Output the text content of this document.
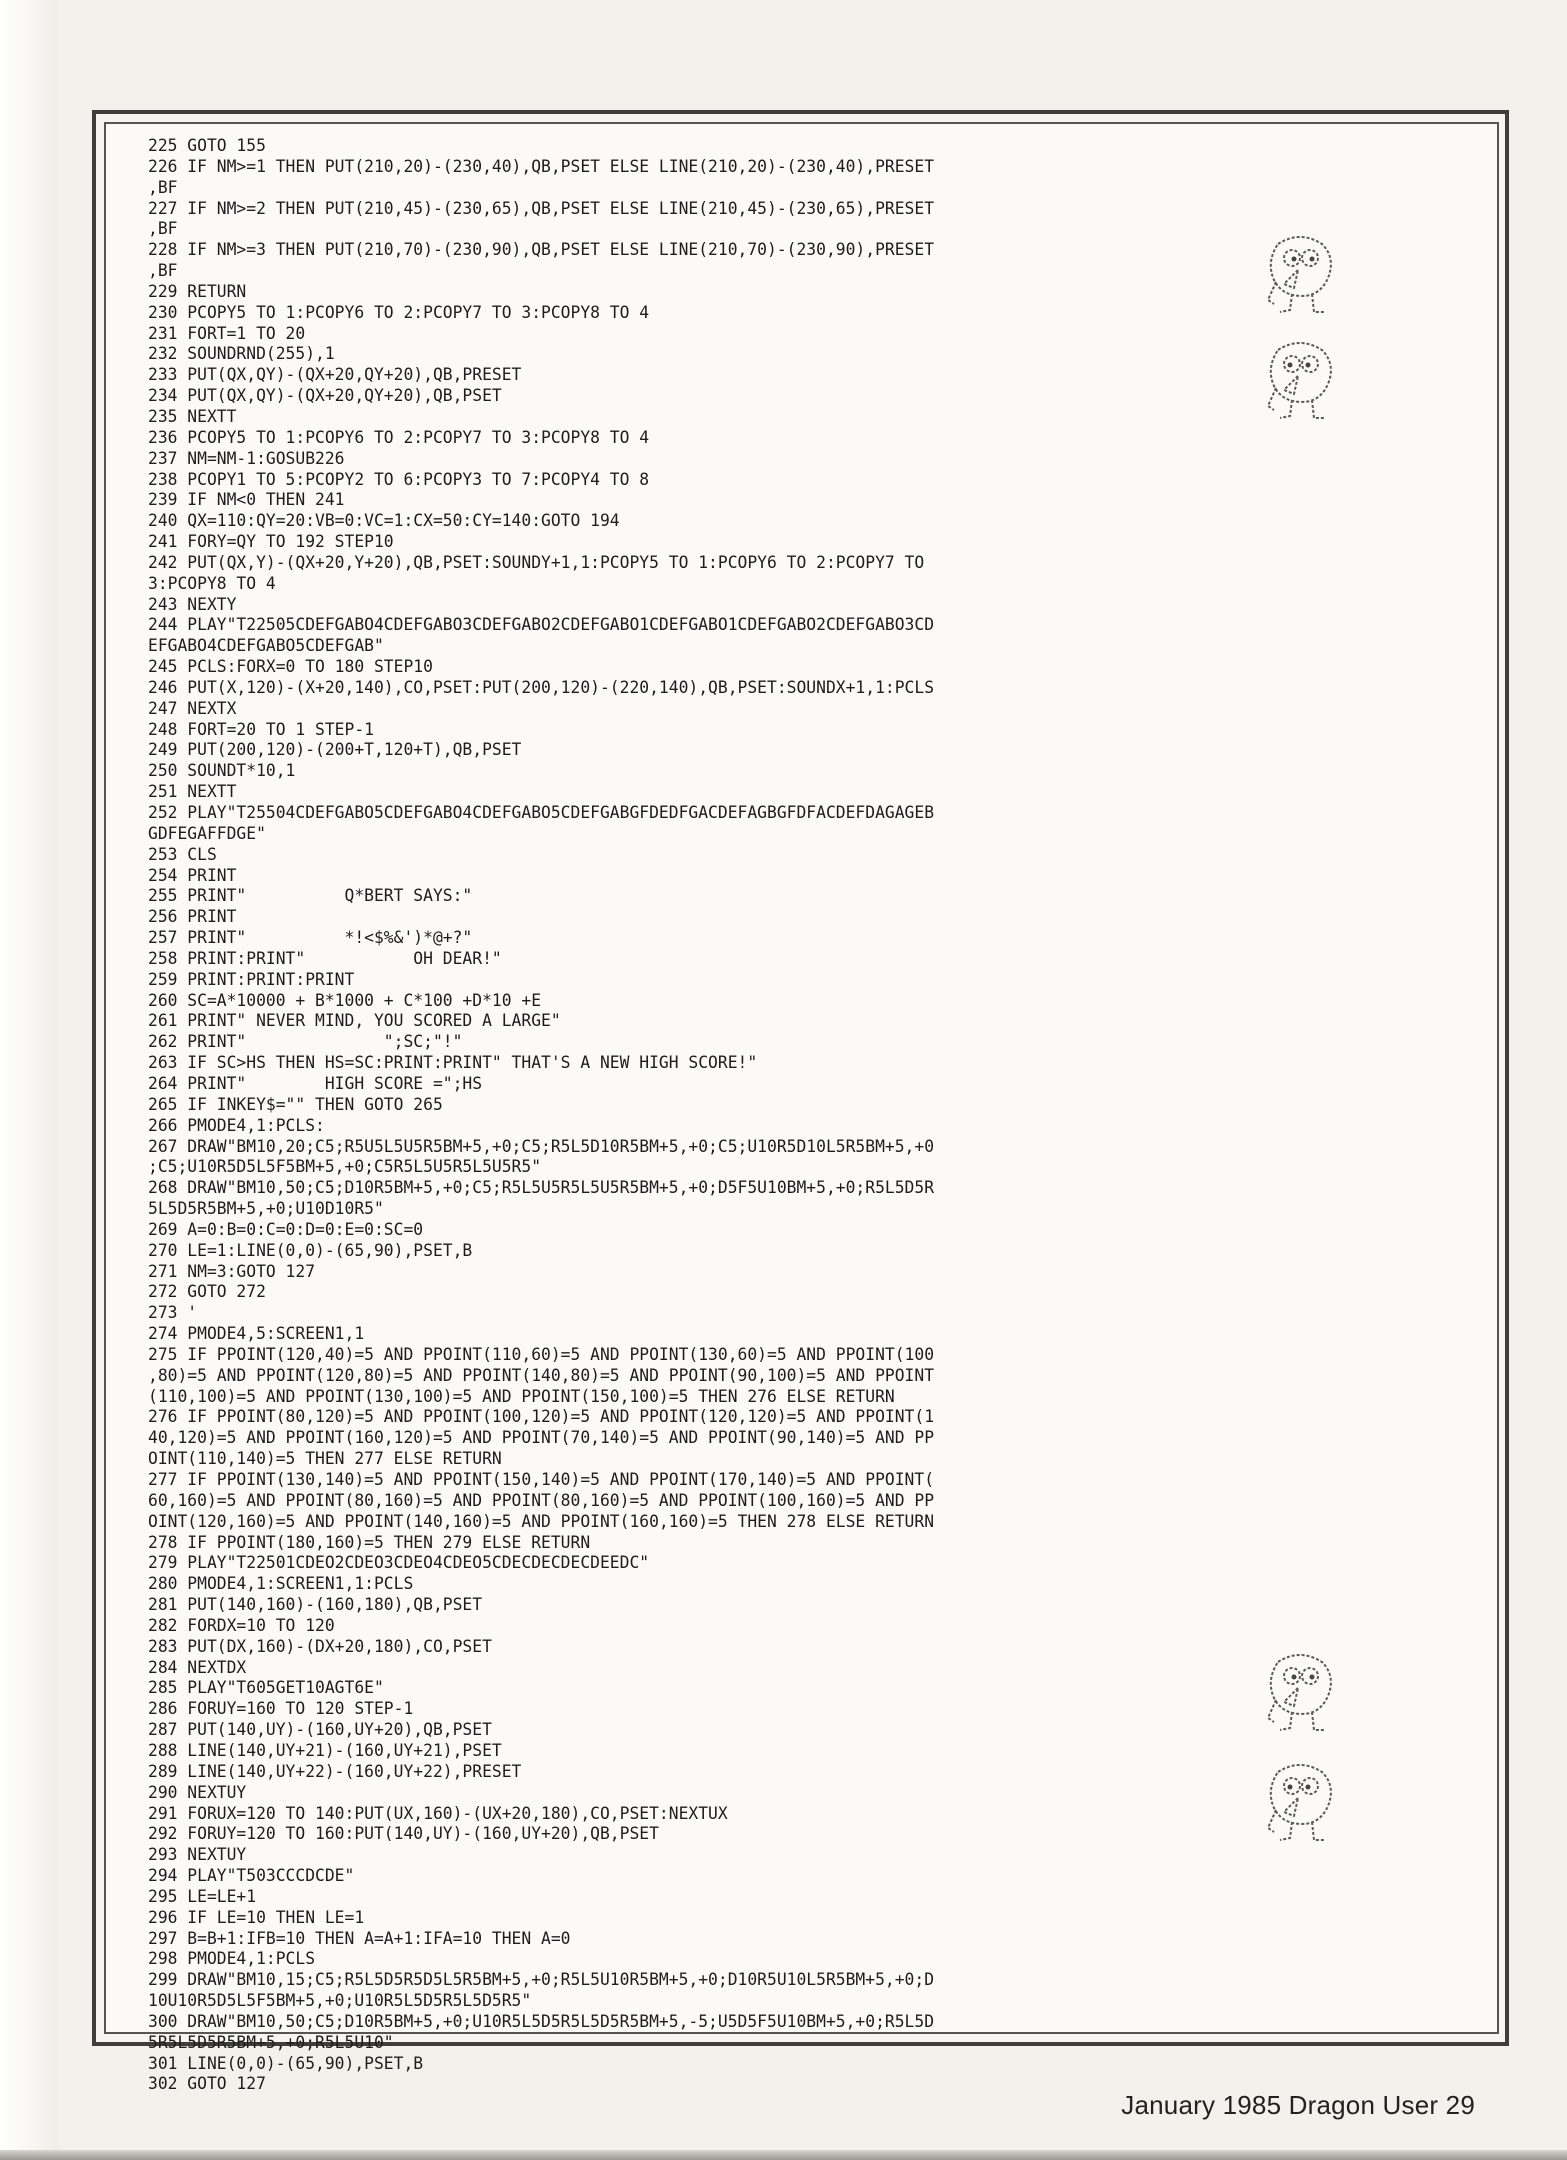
225 GOTO 155
226 IF NM>=1 THEN PUT(210,20)-(230,40),QB,PSET ELSE LINE(210,20)-(230,40),PRESET
,BF
227 IF NM>=2 THEN PUT(210,45)-(230,65),QB,PSET ELSE LINE(210,45)-(230,65),PRESET
,BF
228 IF NM>=3 THEN PUT(210,70)-(230,90),QB,PSET ELSE LINE(210,70)-(230,90),PRESET
,BF
229 RETURN
230 PCOPY5 TO 1:PCOPY6 TO 2:PCOPY7 TO 3:PCOPY8 TO 4
231 FORT=1 TO 20
232 SOUNDRND(255),1
233 PUT(QX,QY)-(QX+20,QY+20),QB,PRESET
234 PUT(QX,QY)-(QX+20,QY+20),QB,PSET
235 NEXTT
236 PCOPY5 TO 1:PCOPY6 TO 2:PCOPY7 TO 3:PCOPY8 TO 4
237 NM=NM-1:GOSUB226
238 PCOPY1 TO 5:PCOPY2 TO 6:PCOPY3 TO 7:PCOPY4 TO 8
239 IF NM<0 THEN 241
240 QX=110:QY=20:VB=0:VC=1:CX=50:CY=140:GOTO 194
241 FORY=QY TO 192 STEP10
242 PUT(QX,Y)-(QX+20,Y+20),QB,PSET:SOUNDY+1,1:PCOPY5 TO 1:PCOPY6 TO 2:PCOPY7 TO
3:PCOPY8 TO 4
243 NEXTY
244 PLAY"T22505CDEFGABO4CDEFGABO3CDEFGABO2CDEFGABO1CDEFGABO1CDEFGABO2CDEFGABO3CD
EFGABO4CDEFGABO5CDEFGAB"
245 PCLS:FORX=0 TO 180 STEP10
246 PUT(X,120)-(X+20,140),CO,PSET:PUT(200,120)-(220,140),QB,PSET:SOUNDX+1,1:PCLS
247 NEXTX
248 FORT=20 TO 1 STEP-1
249 PUT(200,120)-(200+T,120+T),QB,PSET
250 SOUNDT*10,1
251 NEXTT
252 PLAY"T25504CDEFGABO5CDEFGABO4CDEFGABO5CDEFGABGFDEDFGACDEFAGBGFDFACDEFDAGAGEB
GDFEGAFFDGE"
253 CLS
254 PRINT
255 PRINT"          Q*BERT SAYS:"
256 PRINT
257 PRINT"          *!<$%&')*@+?"
258 PRINT:PRINT"           OH DEAR!"
259 PRINT:PRINT:PRINT
260 SC=A*10000 + B*1000 + C*100 +D*10 +E
261 PRINT" NEVER MIND, YOU SCORED A LARGE"
262 PRINT"              ";SC;"!"
263 IF SC>HS THEN HS=SC:PRINT:PRINT" THAT'S A NEW HIGH SCORE!"
264 PRINT"        HIGH SCORE =";HS
265 IF INKEY$="" THEN GOTO 265
266 PMODE4,1:PCLS:
267 DRAW"BM10,20;C5;R5U5L5U5R5BM+5,+0;C5;R5L5D10R5BM+5,+0;C5;U10R5D10L5R5BM+5,+0
;C5;U10R5D5L5F5BM+5,+0;C5R5L5U5R5L5U5R5"
268 DRAW"BM10,50;C5;D10R5BM+5,+0;C5;R5L5U5R5L5U5R5BM+5,+0;D5F5U10BM+5,+0;R5L5D5R
5L5D5R5BM+5,+0;U10D10R5"
269 A=0:B=0:C=0:D=0:E=0:SC=0
270 LE=1:LINE(0,0)-(65,90),PSET,B
271 NM=3:GOTO 127
272 GOTO 272
273 '
274 PMODE4,5:SCREEN1,1
275 IF PPOINT(120,40)=5 AND PPOINT(110,60)=5 AND PPOINT(130,60)=5 AND PPOINT(100
,80)=5 AND PPOINT(120,80)=5 AND PPOINT(140,80)=5 AND PPOINT(90,100)=5 AND PPOINT
(110,100)=5 AND PPOINT(130,100)=5 AND PPOINT(150,100)=5 THEN 276 ELSE RETURN
276 IF PPOINT(80,120)=5 AND PPOINT(100,120)=5 AND PPOINT(120,120)=5 AND PPOINT(1
40,120)=5 AND PPOINT(160,120)=5 AND PPOINT(70,140)=5 AND PPOINT(90,140)=5 AND PP
OINT(110,140)=5 THEN 277 ELSE RETURN
277 IF PPOINT(130,140)=5 AND PPOINT(150,140)=5 AND PPOINT(170,140)=5 AND PPOINT(
60,160)=5 AND PPOINT(80,160)=5 AND PPOINT(80,160)=5 AND PPOINT(100,160)=5 AND PP
OINT(120,160)=5 AND PPOINT(140,160)=5 AND PPOINT(160,160)=5 THEN 278 ELSE RETURN
278 IF PPOINT(180,160)=5 THEN 279 ELSE RETURN
279 PLAY"T22501CDEO2CDEO3CDEO4CDEO5CDECDECDECDEEDC"
280 PMODE4,1:SCREEN1,1:PCLS
281 PUT(140,160)-(160,180),QB,PSET
282 FORDX=10 TO 120
283 PUT(DX,160)-(DX+20,180),CO,PSET
284 NEXTDX
285 PLAY"T605GET10AGT6E"
286 FORUY=160 TO 120 STEP-1
287 PUT(140,UY)-(160,UY+20),QB,PSET
288 LINE(140,UY+21)-(160,UY+21),PSET
289 LINE(140,UY+22)-(160,UY+22),PRESET
290 NEXTUY
291 FORUX=120 TO 140:PUT(UX,160)-(UX+20,180),CO,PSET:NEXTUX
292 FORUY=120 TO 160:PUT(140,UY)-(160,UY+20),QB,PSET
293 NEXTUY
294 PLAY"T503CCCDCDE"
295 LE=LE+1
296 IF LE=10 THEN LE=1
297 B=B+1:IFB=10 THEN A=A+1:IFA=10 THEN A=0
298 PMODE4,1:PCLS
299 DRAW"BM10,15;C5;R5L5D5R5D5L5R5BM+5,+0;R5L5U10R5BM+5,+0;D10R5U10L5R5BM+5,+0;D
10U10R5D5L5F5BM+5,+0;U10R5L5D5R5L5D5R5"
300 DRAW"BM10,50;C5;D10R5BM+5,+0;U10R5L5D5R5L5D5R5BM+5,-5;U5D5F5U10BM+5,+0;R5L5D
5R5L5D5R5BM+5,+0;R5L5U10"
301 LINE(0,0)-(65,90),PSET,B
302 GOTO 127
January 1985 Dragon User 29
